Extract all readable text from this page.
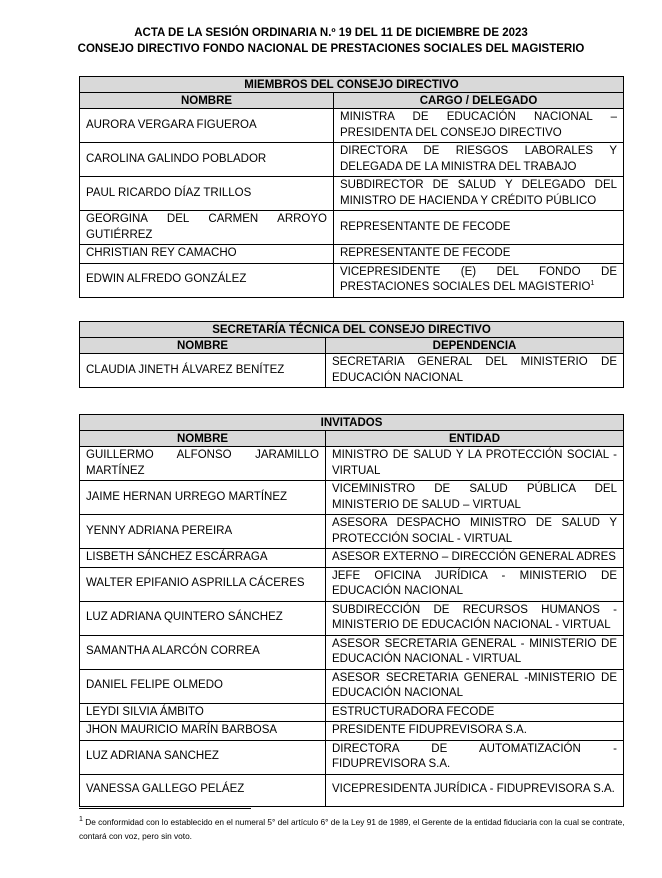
ACTA DE LA SESIÓN ORDINARIA N.º 19 DEL 11 DE DICIEMBRE DE 2023
CONSEJO DIRECTIVO FONDO NACIONAL DE PRESTACIONES SOCIALES DEL MAGISTERIO
MIEMBROS DEL CONSEJO DIRECTIVO	
NOMBRE	CARGO / DELEGADO
AURORA VERGARA FIGUEROA	MINISTRA DE EDUCACIÓN NACIONAL – PRESIDENTA DEL CONSEJO DIRECTIVO
CAROLINA GALINDO POBLADOR	DIRECTORA DE RIESGOS LABORALES Y DELEGADA DE LA MINISTRA DEL TRABAJO
PAUL RICARDO DÍAZ TRILLOS	SUBDIRECTOR DE SALUD Y DELEGADO DEL MINISTRO DE HACIENDA Y CRÉDITO PÚBLICO
GEORGINA DEL CARMEN ARROYO GUTIÉRREZ	REPRESENTANTE DE FECODE
CHRISTIAN REY CAMACHO	REPRESENTANTE DE FECODE
EDWIN ALFREDO GONZÁLEZ	VICEPRESIDENTE (E) DEL FONDO DE PRESTACIONES SOCIALES DEL MAGISTERIO$^1$
SECRETARÍA TÉCNICA DEL CONSEJO DIRECTIVO	
NOMBRE	DEPENDENCIA
CLAUDIA JINETH ÁLVAREZ BENÍTEZ	SECRETARIA GENERAL DEL MINISTERIO DE EDUCACIÓN NACIONAL
INVITADOS	
NOMBRE	ENTIDAD
GUILLERMO ALFONSO JARAMILLO MARTÍNEZ	MINISTRO DE SALUD Y LA PROTECCIÓN SOCIAL - VIRTUAL
JAIME HERNAN URREGO MARTÍNEZ	VICEMINISTRO DE SALUD PÚBLICA DEL MINISTERIO DE SALUD – VIRTUAL
YENNY ADRIANA PEREIRA	ASESORA DESPACHO MINISTRO DE SALUD Y PROTECCIÓN SOCIAL - VIRTUAL
LISBETH SÁNCHEZ ESCÁRRAGA	ASESOR EXTERNO – DIRECCIÓN GENERAL ADRES
WALTER EPIFANIO ASPRILLA CÁCERES	JEFE OFICINA JURÍDICA - MINISTERIO DE EDUCACIÓN NACIONAL
LUZ ADRIANA QUINTERO SÁNCHEZ	SUBDIRECCIÓN DE RECURSOS HUMANOS - MINISTERIO DE EDUCACIÓN NACIONAL - VIRTUAL
SAMANTHA ALARCÓN CORREA	ASESOR SECRETARIA GENERAL - MINISTERIO DE EDUCACIÓN NACIONAL - VIRTUAL
DANIEL FELIPE OLMEDO	ASESOR SECRETARIA GENERAL -MINISTERIO DE EDUCACIÓN NACIONAL
LEYDI SILVIA ÁMBITO	ESTRUCTURADORA FECODE
JHON MAURICIO MARÍN BARBOSA	PRESIDENTE FIDUPREVISORA S.A.
LUZ ADRIANA SANCHEZ	DIRECTORA DE AUTOMATIZACIÓN - FIDUPREVISORA S.A.
VANESSA GALLEGO PELÁEZ	VICEPRESIDENTA JURÍDICA - FIDUPREVISORA S.A.
$^1$ De conformidad con lo establecido en el numeral 5° del artículo 6° de la Ley 91 de 1989, el Gerente de la entidad fiduciaria con la cual se contrate, contará con voz, pero sin voto.
